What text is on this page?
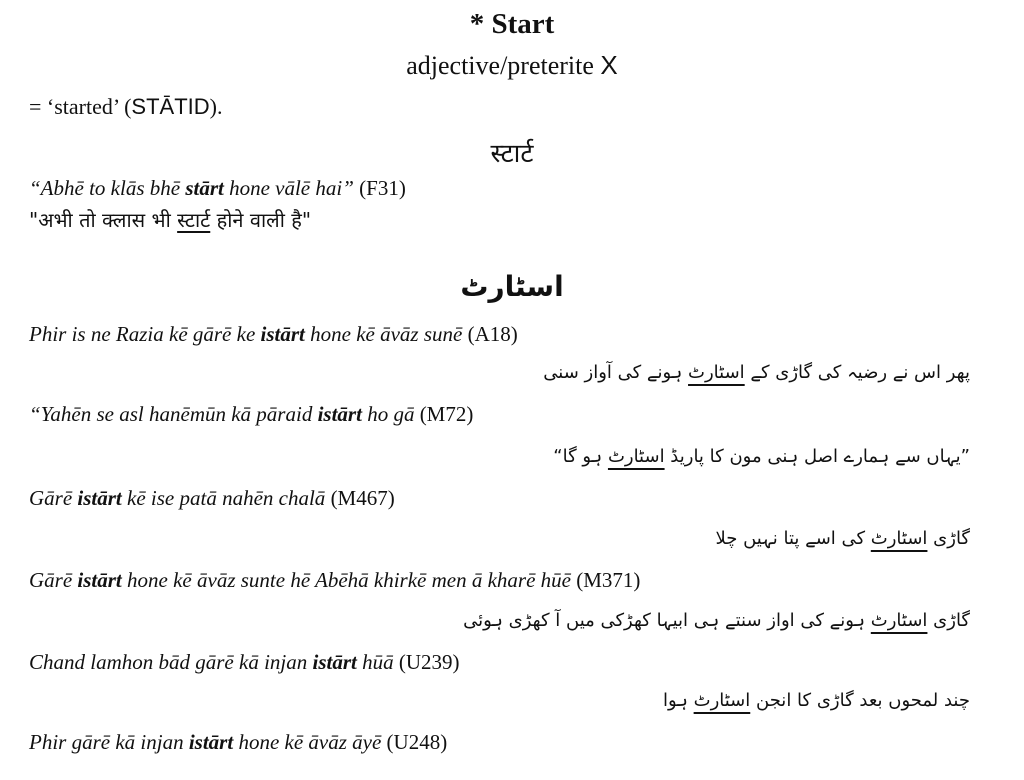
* Start
adjective/preterite X
= ‘started’ (STĀTID).
स्टार्ट
“Abhē to klās bhē stārt hone vālē hai” (F31)
"अभी तो क्लास भी स्टार्ट होने वाली है"
اسٹارٹ
Phir is ne Razia kē gārē ke istārt hone kē āvāz sunē (A18)
پھر اس نے رضیہ کی گاڑی کے اسٹارٹ ہونے کی آواز سنی
“Yahēn se asl hanēmūn kā pāraid istārt ho gā (M72)
”یہاں سے ہمارے اصل ہنی مون کا پاریڈ اسٹارٹ ہو گا“
Gārē istārt kē ise patā nahēn chalā (M467)
گاڑی اسٹارٹ کی اسے پتا نہیں چلا
Gārē istārt hone kē āvāz sunte hē Abēhā khirkē men ā kharē hūē (M371)
گاڑی اسٹارٹ ہونے کی اواز سنتے ہی ابیہا کھڑکی میں آ کھڑی ہوئی
Chand lamhon bād gārē kā injan istārt hūā (U239)
چند لمحوں بعد گاڑی کا انجن اسٹارٹ ہوا
Phir gārē kā injan istārt hone kē āvāz āyē (U248)
